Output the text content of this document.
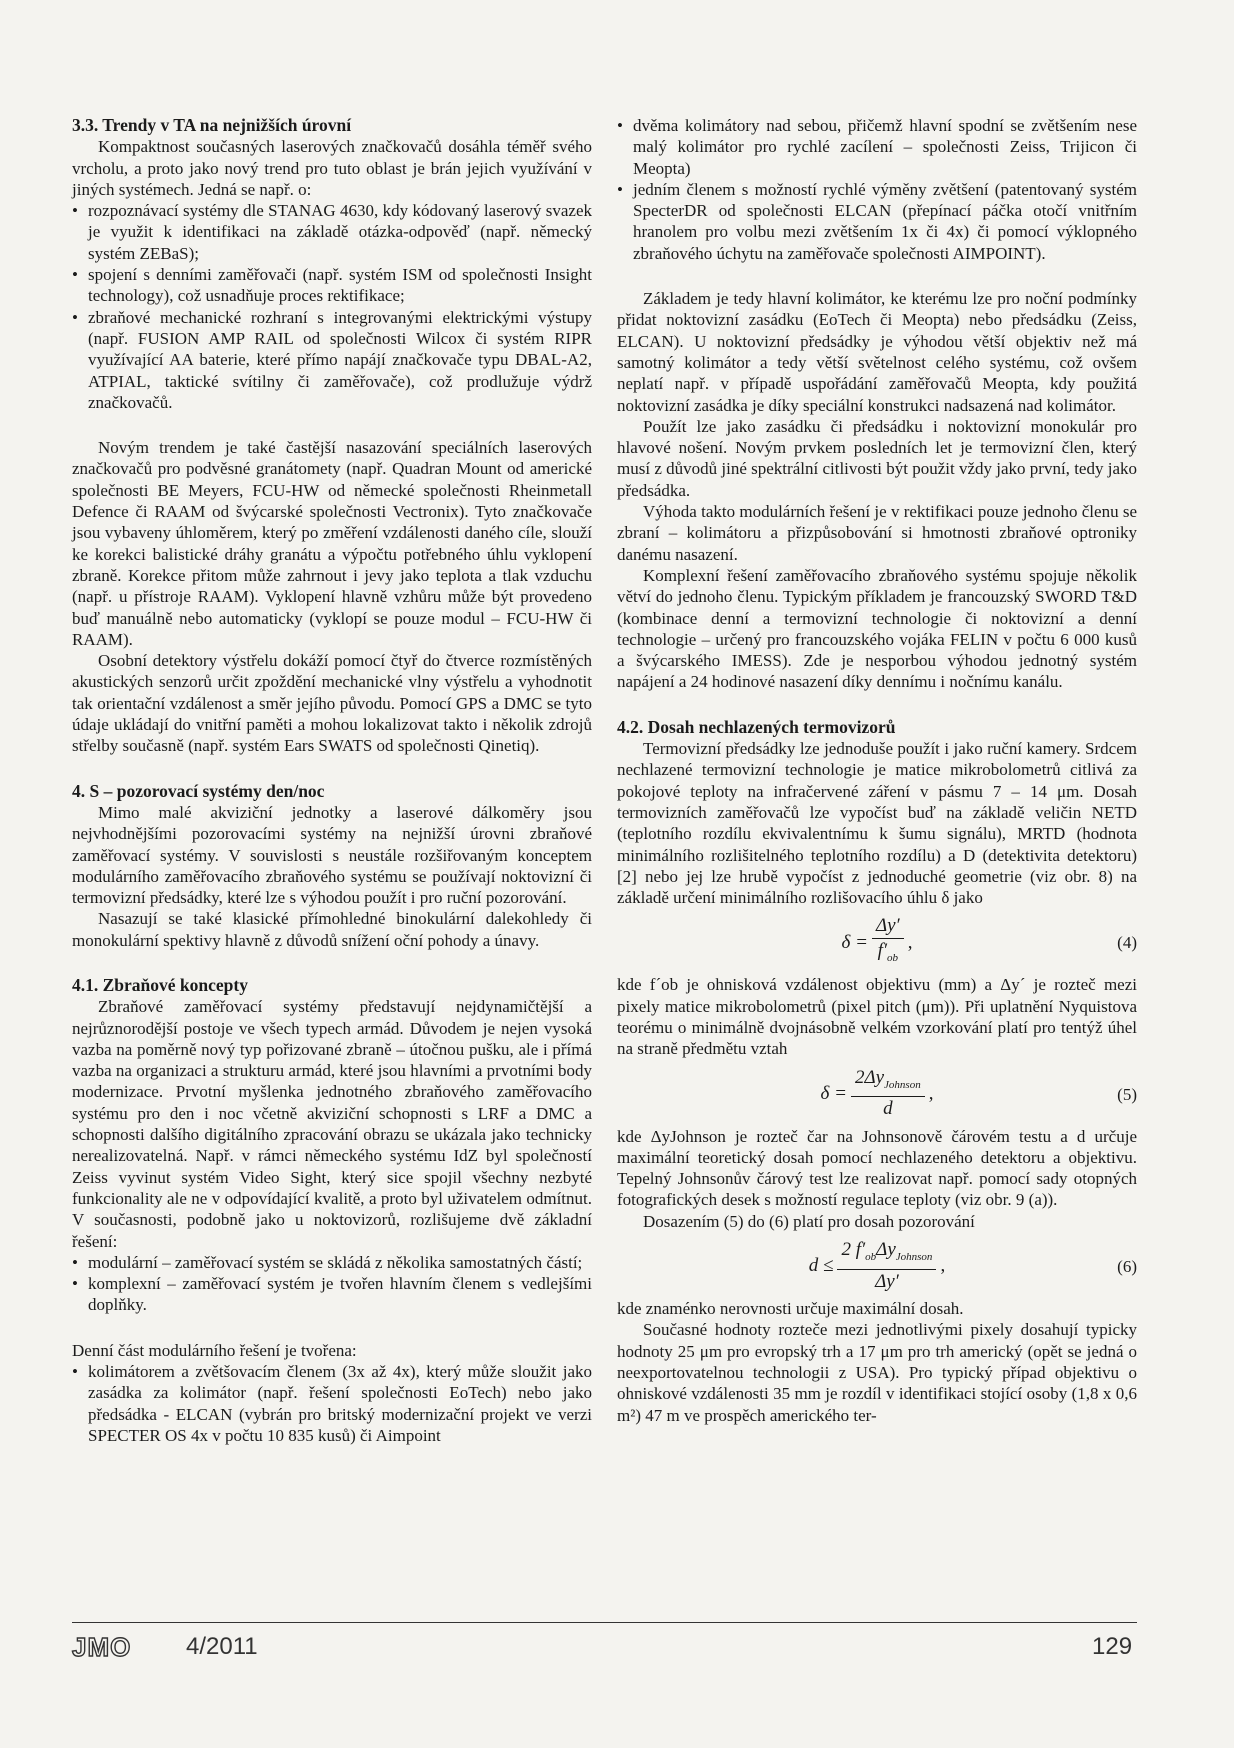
3.3. Trendy v TA na nejnižších úrovní

Kompaktnost současných laserových značkovačů dosáhla téměř svého vrcholu, a proto jako nový trend pro tuto oblast je brán jejich využívání v jiných systémech. Jedná se např. o:

• rozpoznávací systémy dle STANAG 4630, kdy kódovaný laserový svazek je využit k identifikaci na základě otázka-odpověď (např. německý systém ZEBaS);
• spojení s denními zaměřovači (např. systém ISM od společnosti Insight technology), což usnadňuje proces rektifikace;
• zbraňové mechanické rozhraní s integrovanými elektrickými výstupy (např. FUSION AMP RAIL od společnosti Wilcox či systém RIPR využívající AA baterie, které přímo napájí značkovače typu DBAL-A2, ATPIAL, taktické svítilny či zaměřovače), což prodlužuje výdrž značkovačů.

Novým trendem je také častější nasazování speciálních laserových značkovačů pro podvěsné granátomety (např. Quadran Mount od americké společnosti BE Meyers, FCU-HW od německé společnosti Rheinmetall Defence či RAAM od švýcarské společnosti Vectronix). Tyto značkovače jsou vybaveny úhloměrem, který po změření vzdálenosti daného cíle, slouží ke korekci balistické dráhy granátu a výpočtu potřebného úhlu vyklopení zbraně. Korekce přitom může zahrnout i jevy jako teplota a tlak vzduchu (např. u přístroje RAAM). Vyklopení hlavně vzhůru může být provedeno buď manuálně nebo automaticky (vyklopí se pouze modul – FCU-HW či RAAM).

Osobní detektory výstřelu dokáží pomocí čtyř do čtverce rozmístěných akustických senzorů určit zpoždění mechanické vlny výstřelu a vyhodnotit tak orientační vzdálenost a směr jejího původu. Pomocí GPS a DMC se tyto údaje ukládají do vnitřní paměti a mohou lokalizovat takto i několik zdrojů střelby současně (např. systém Ears SWATS od společnosti Qinetiq).

4. S – pozorovací systémy den/noc

Mimo malé akviziční jednotky a laserové dálkoměry jsou nejvhodnějšími pozorovacími systémy na nejnižší úrovni zbraňové zaměřovací systémy. V souvislosti s neustále rozšiřovaným konceptem modulárního zaměřovacího zbraňového systému se používají noktovizní či termovizní předsádky, které lze s výhodou použít i pro ruční pozorování.

Nasazují se také klasické přímohledné binokulární dalekohledy či monokulární spektivy hlavně z důvodů snížení oční pohody a únavy.

4.1. Zbraňové koncepty

Zbraňové zaměřovací systémy představují nejdynamičtější a nejrůznorodější postoje ve všech typech armád. Důvodem je nejen vysoká vazba na poměrně nový typ pořizované zbraně – útočnou pušku, ale i přímá vazba na organizaci a strukturu armád, které jsou hlavními a prvotními body modernizace. Prvotní myšlenka jednotného zbraňového zaměřovacího systému pro den i noc včetně akviziční schopnosti s LRF a DMC a schopnosti dalšího digitálního zpracování obrazu se ukázala jako technicky nerealizovatelná. Např. v rámci německého systému IdZ byl společností Zeiss vyvinut systém Video Sight, který sice spojil všechny nezbyté funkcionality ale ne v odpovídající kvalitě, a proto byl uživatelem odmítnut. V současnosti, podobně jako u noktovizorů, rozlišujeme dvě základní řešení:

• modulární – zaměřovací systém se skládá z několika samostatných částí;
• komplexní – zaměřovací systém je tvořen hlavním členem s vedlejšími doplňky.

Denní část modulárního řešení je tvořena:

• kolimátorem a zvětšovacím členem (3x až 4x), který může sloužit jako zasádka za kolimátor (např. řešení společnosti EoTech) nebo jako předsádka - ELCAN (vybrán pro britský modernizační projekt ve verzi SPECTER OS 4x v počtu 10 835 kusů) či Aimpoint
• dvěma kolimátory nad sebou, přičemž hlavní spodní se zvětšením nese malý kolimátor pro rychlé zacílení – společnosti Zeiss, Trijicon či Meopta)
• jedním členem s možností rychlé výměny zvětšení (patentovaný systém SpecterDR od společnosti ELCAN (přepínací páčka otočí vnitřním hranolem pro volbu mezi zvětšením 1x či 4x) či pomocí výklopného zbraňového úchytu na zaměřovače společnosti AIMPOINT).

Základem je tedy hlavní kolimátor, ke kterému lze pro noční podmínky přidat noktovizní zasádku (EoTech či Meopta) nebo předsádku (Zeiss, ELCAN). U noktovizní předsádky je výhodou větší objektiv než má samotný kolimátor a tedy větší světelnost celého systému, což ovšem neplatí např. v případě uspořádání zaměřovačů Meopta, kdy použitá noktovizní zasádka je díky speciální konstrukci nadsazená nad kolimátor.

Použít lze jako zasádku či předsádku i noktovizní monokulár pro hlavové nošení. Novým prvkem posledních let je termovizní člen, který musí z důvodů jiné spektrální citlivosti být použit vždy jako první, tedy jako předsádka.

Výhoda takto modulárních řešení je v rektifikaci pouze jednoho členu se zbraní – kolimátoru a přizpůsobování si hmotnosti zbraňové optroniky danému nasazení.

Komplexní řešení zaměřovacího zbraňového systému spojuje několik větví do jednoho členu. Typickým příkladem je francouzský SWORD T&D (kombinace denní a termovizní technologie či noktovizní a denní technologie – určený pro francouzského vojáka FELIN v počtu 6 000 kusů a švýcarského IMESS). Zde je nesporbou výhodou jednotný systém napájení a 24 hodinové nasazení díky dennímu i nočnímu kanálu.

4.2. Dosah nechlazených termovizorů

Termovizní předsádky lze jednoduše použít i jako ruční kamery. Srdcem nechlazené termovizní technologie je matice mikrobolometrů citlivá za pokojové teploty na infračervené záření v pásmu 7 – 14 μm. Dosah termovizních zaměřovačů lze vypočíst buď na základě veličin NETD (teplotního rozdílu ekvivalentnímu k šumu signálu), MRTD (hodnota minimálního rozlišitelného teplotního rozdílu) a D (detektivita detektoru) [2] nebo jej lze hrubě vypočíst z jednoduché geometrie (viz obr. 8) na základě určení minimálního rozlišovacího úhlu δ jako

$\delta = \frac{\Delta y'}{f'_{ob}}$ ,	(4)

kde f´ob je ohnisková vzdálenost objektivu (mm) a Δy´ je rozteč mezi pixely matice mikrobolometrů (pixel pitch (μm)). Při uplatnění Nyquistova teorému o minimálně dvojnásobně velkém vzorkování platí pro tentýž úhel na straně předmětu vztah

$\delta = \frac{2\Delta y_{Johnson}}{d}$ ,	(5)

kde ΔyJohnson je rozteč čar na Johnsonově čárovém testu a d určuje maximální teoretický dosah pomocí nechlazeného detektoru a objektivu. Tepelný Johnsonův čárový test lze realizovat např. pomocí sady otopných fotografických desek s možností regulace teploty (viz obr. 9 (a)).

Dosazením (5) do (6) platí pro dosah pozorování

$d \le \frac{2 f'_{ob}\Delta y_{Johnson}}{\Delta y'}$ ,	(6)

kde znaménko nerovnosti určuje maximální dosah.

Současné hodnoty rozteče mezi jednotlivými pixely dosahují typicky hodnoty 25 μm pro evropský trh a 17 μm pro trh americký (opět se jedná o neexportovatelnou technologii z USA). Pro typický případ objektivu o ohniskové vzdálenosti 35 mm je rozdíl v identifikaci stojící osoby (1,8 x 0,6 m²) 47 m ve prospěch amerického ter-

JMO 4/2011	129
